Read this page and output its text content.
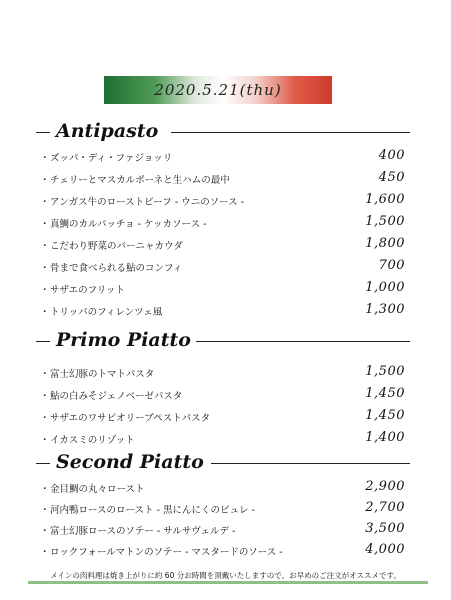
2020.5.21(thu)
Antipasto
・ ズッパ・ディ・ファジョッリ	400
・ チェリーとマスカルポーネと生ハムの最中	450
・ アンガス牛のローストビーフ - ウニのソース -	1,600
・ 真鯛のカルパッチョ - ケッカソース -	1,500
・ こだわり野菜のバーニャカウダ	1,800
・ 骨まで食べられる鮎のコンフィ	700
・ サザエのフリット	1,000
・ トリッパのフィレンツェ風	1,300
Primo Piatto
・ 富士幻豚のトマトパスタ	1,500
・ 鮎の白みそジェノベーゼパスタ	1,450
・ サザエのワサビオリーブペストパスタ	1,450
・ イカスミのリゾット	1,400
Second Piatto
・ 金目鯛の丸々ロースト	2,900
・ 河内鴨ロースのロースト - 黒にんにくのピュレ -	2,700
・ 富士幻豚ロースのソテー - サルサヴェルデ -	3,500
・ ロックフォールマトンのソテー - マスタードのソース -	4,000
メインの肉料理は焼き上がりに約 60 分お時間を頂戴いたしますので、お早めのご注文がオススメです。
